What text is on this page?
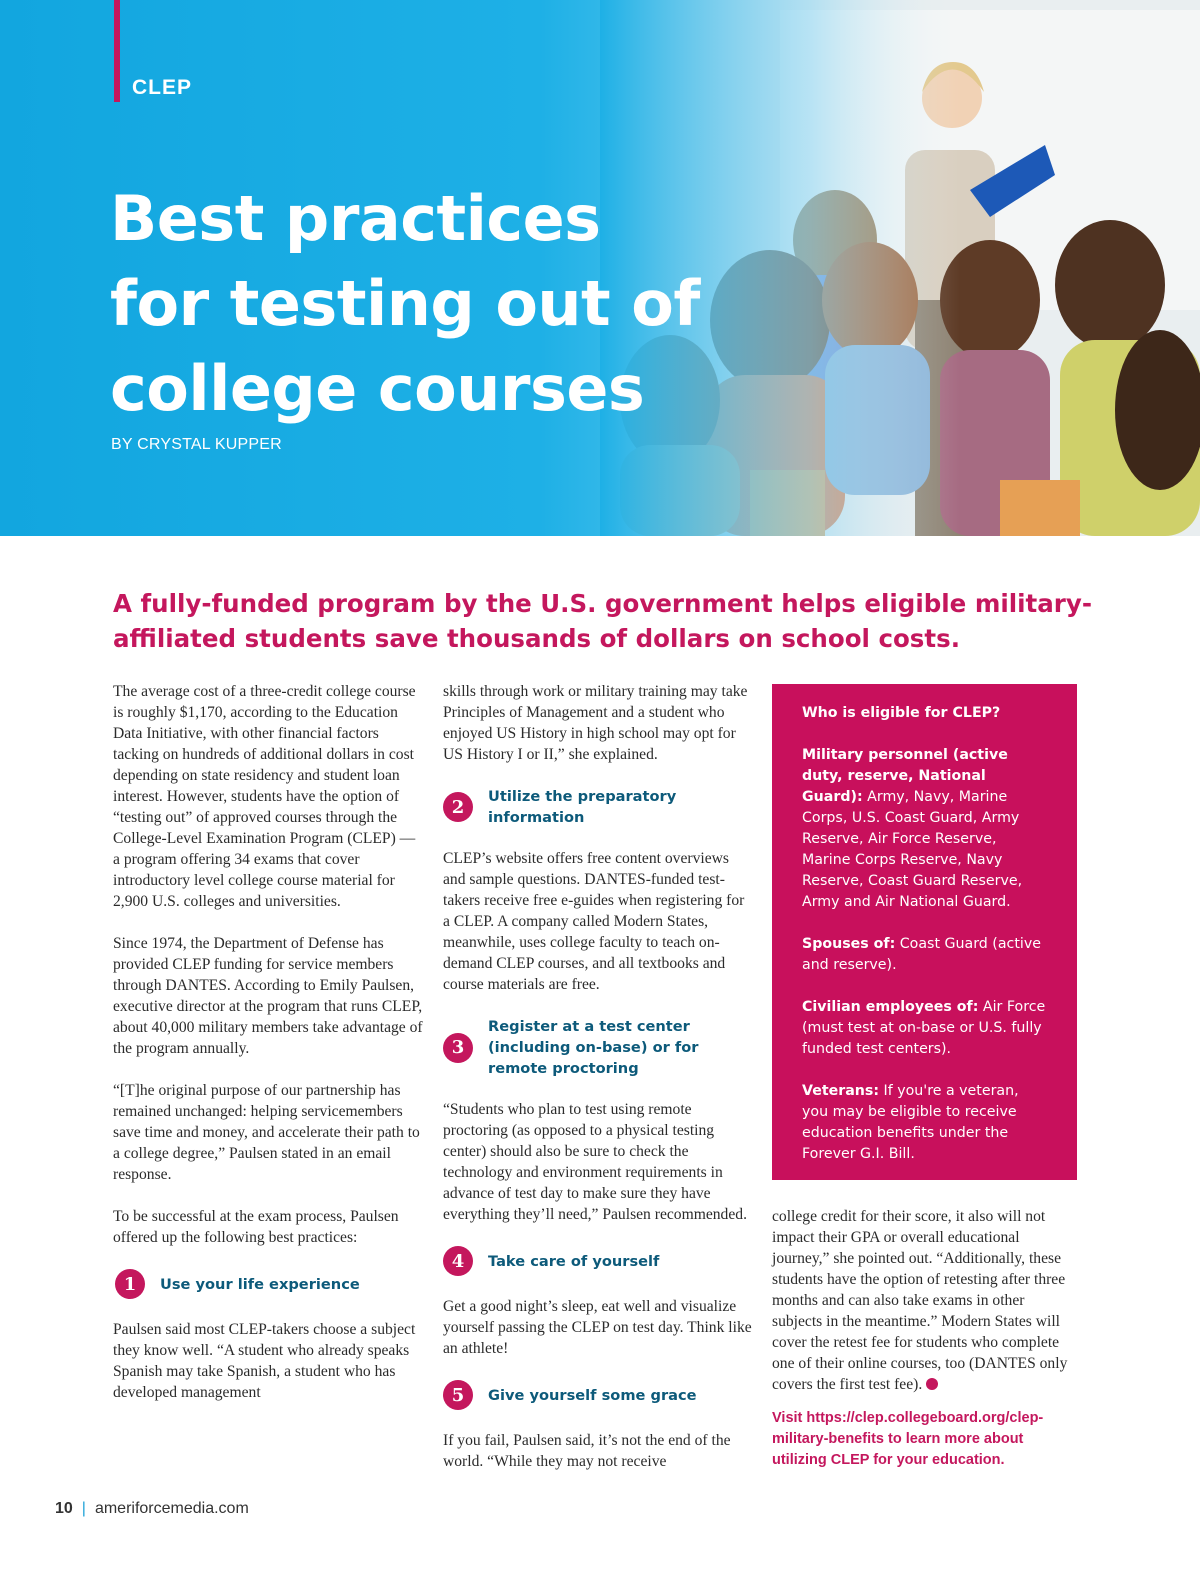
CLEP
Best practices
for testing out of
college courses
BY CRYSTAL KUPPER
A fully-funded program by the U.S. government helps eligible military-
affiliated students save thousands of dollars on school costs.

The average cost of a three-credit college course is roughly $1,170, according to the Education Data Initiative, with other financial factors tacking on hundreds of additional dollars in cost depending on state residency and student loan interest. However, students have the option of “testing out” of approved courses through the College-Level Examination Program (CLEP) — a program offering 34 exams that cover introductory level college course material for 2,900 U.S. colleges and universities.

Since 1974, the Department of Defense has provided CLEP funding for service members through DANTES. According to Emily Paulsen, executive director at the program that runs CLEP, about 40,000 military members take advantage of the program annually.

“[T]he original purpose of our partnership has remained unchanged: helping servicemembers save time and money, and accelerate their path to a college degree,” Paulsen stated in an email response.

To be successful at the exam process, Paulsen offered up the following best practices:

1	Use your life experience

Paulsen said most CLEP-takers choose a subject they know well. “A student who already speaks Spanish may take Spanish, a student who has developed management

skills through work or military training may take Principles of Management and a student who enjoyed US History in high school may opt for US History I or II,” she explained.

2	Utilize the preparatory information

CLEP’s website offers free content overviews and sample questions. DANTES-funded test-takers receive free e-guides when registering for a CLEP. A company called Modern States, meanwhile, uses college faculty to teach on-demand CLEP courses, and all textbooks and course materials are free.

3
Register at a test center (including on-base) or for remote proctoring

“Students who plan to test using remote proctoring (as opposed to a physical testing center) should also be sure to check the technology and environment requirements in advance of test day to make sure they have everything they’ll need,” Paulsen recommended.

4	Take care of yourself

Get a good night’s sleep, eat well and visualize yourself passing the CLEP on test day. Think like an athlete!

5	Give yourself some grace

If you fail, Paulsen said, it’s not the end of the world. “While they may not receive

Who is eligible for CLEP?
Military personnel (active duty, reserve, National Guard): Army, Navy, Marine Corps, U.S. Coast Guard, Army Reserve, Air Force Reserve, Marine Corps Reserve, Navy Reserve, Coast Guard Reserve, Army and Air National Guard.
Spouses of: Coast Guard (active and reserve).
Civilian employees of: Air Force (must test at on-base or U.S. fully funded test centers).
Veterans: If you're a veteran, you may be eligible to receive education benefits under the Forever G.I. Bill.

college credit for their score, it also will not impact their GPA or overall educational journey,” she pointed out. “Additionally, these students have the option of retesting after three months and can also take exams in other subjects in the meantime.” Modern States will cover the retest fee for students who complete one of their online courses, too (DANTES only covers the first test fee).

Visit https://clep.collegeboard.org/clep-military-benefits to learn more about utilizing CLEP for your education.
10 | ameriforcemedia.com
